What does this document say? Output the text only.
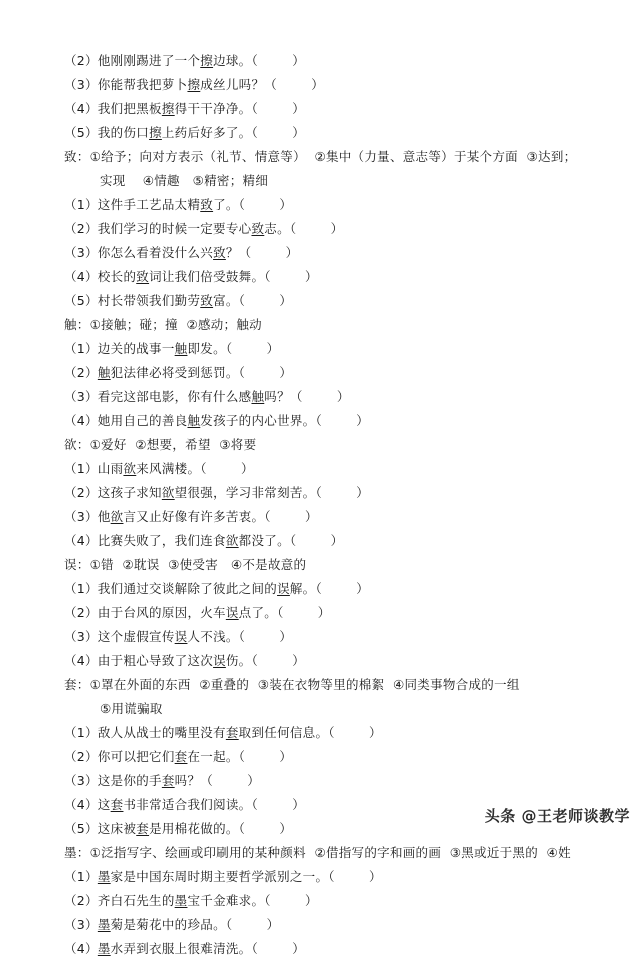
（2）他刚刚踢进了一个擦边球。（        ）
（3）你能帮我把萝卜擦成丝儿吗？（        ）
（4）我们把黑板擦得干干净净。（        ）
（5）我的伤口擦上药后好多了。（        ）
致：①给予；向对方表示（礼节、情意等）  ②集中（力量、意志等）于某个方面  ③达到；
实现    ④情趣   ⑤精密；精细
（1）这件手工艺品太精致了。（        ）
（2）我们学习的时候一定要专心致志。（        ）
（3）你怎么看着没什么兴致？（        ）
（4）校长的致词让我们倍受鼓舞。（        ）
（5）村长带领我们勤劳致富。（        ）
触：①接触；碰；撞  ②感动；触动
（1）边关的战事一触即发。（        ）
（2）触犯法律必将受到惩罚。（        ）
（3）看完这部电影，你有什么感触吗？（        ）
（4）她用自己的善良触发孩子的内心世界。（        ）
欲：①爱好  ②想要，希望  ③将要
（1）山雨欲来风满楼。（        ）
（2）这孩子求知欲望很强，学习非常刻苦。（        ）
（3）他欲言又止好像有许多苦衷。（        ）
（4）比赛失败了，我们连食欲都没了。（        ）
误：①错  ②耽误  ③使受害   ④不是故意的
（1）我们通过交谈解除了彼此之间的误解。（        ）
（2）由于台风的原因，火车误点了。（        ）
（3）这个虚假宣传误人不浅。（        ）
（4）由于粗心导致了这次误伤。（        ）
套：①罩在外面的东西  ②重叠的  ③装在衣物等里的棉絮  ④同类事物合成的一组
⑤用谎骗取
（1）敌人从战士的嘴里没有套取到任何信息。（        ）
（2）你可以把它们套在一起。（        ）
（3）这是你的手套吗？（        ）
（4）这套书非常适合我们阅读。（        ）
（5）这床被套是用棉花做的。（        ）
墨：①泛指写字、绘画或印刷用的某种颜料  ②借指写的字和画的画  ③黑或近于黑的  ④姓
（1）墨家是中国东周时期主要哲学派别之一。（        ）
（2）齐白石先生的墨宝千金难求。（        ）
（3）墨菊是菊花中的珍品。（        ）
（4）墨水弄到衣服上很难清洗。（        ）
头条 @王老师谈教学
